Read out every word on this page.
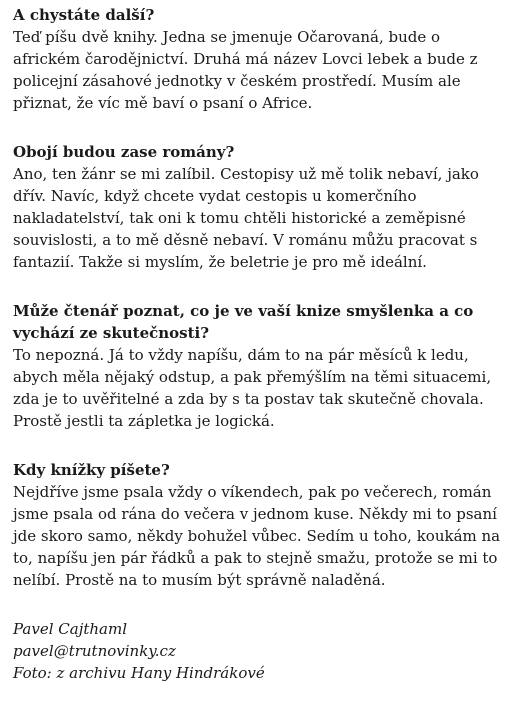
A chystáte další?

Teď píšu dvě knihy. Jedna se jmenuje Očarovaná, bude o africkém čarodějnictví. Druhá má název Lovci lebek a bude z policejní zásahové jednotky v českém prostředí. Musím ale přiznat, že víc mě baví o psaní o Africe.

Obojí budou zase romány?

Ano, ten žánr se mi zalíbil. Cestopisy už mě tolik nebaví, jako dřív. Navíc, když chcete vydat cestopis u komerčního nakladatelství, tak oni k tomu chtěli historické a zeměpisné souvislosti, a to mě děsně nebaví. V románu můžu pracovat s fantazií. Takže si myslím, že beletrie je pro mě ideální.

Může čtenář poznat, co je ve vaší knize smyšlenka a co vychází ze skutečnosti?

To nepozná. Já to vždy napíšu, dám to na pár měsíců k ledu, abych měla nějaký odstup, a pak přemýšlím na těmi situacemi, zda je to uvěřitelné a zda by s ta postav tak skutečně chovala. Prostě jestli ta zápletka je logická.

Kdy knížky píšete?

Nejdříve jsme psala vždy o víkendech, pak po večerech, román jsme psala od rána do večera v jednom kuse. Někdy mi to psaní jde skoro samo, někdy bohužel vůbec. Sedím u toho, koukám na to, napíšu jen pár řádků a pak to stejně smažu, protože se mi to nelíbí. Prostě na to musím být správně naladěná.

Pavel Cajthaml
pavel@trutnovinky.cz
Foto: z archivu Hany Hindrákové
